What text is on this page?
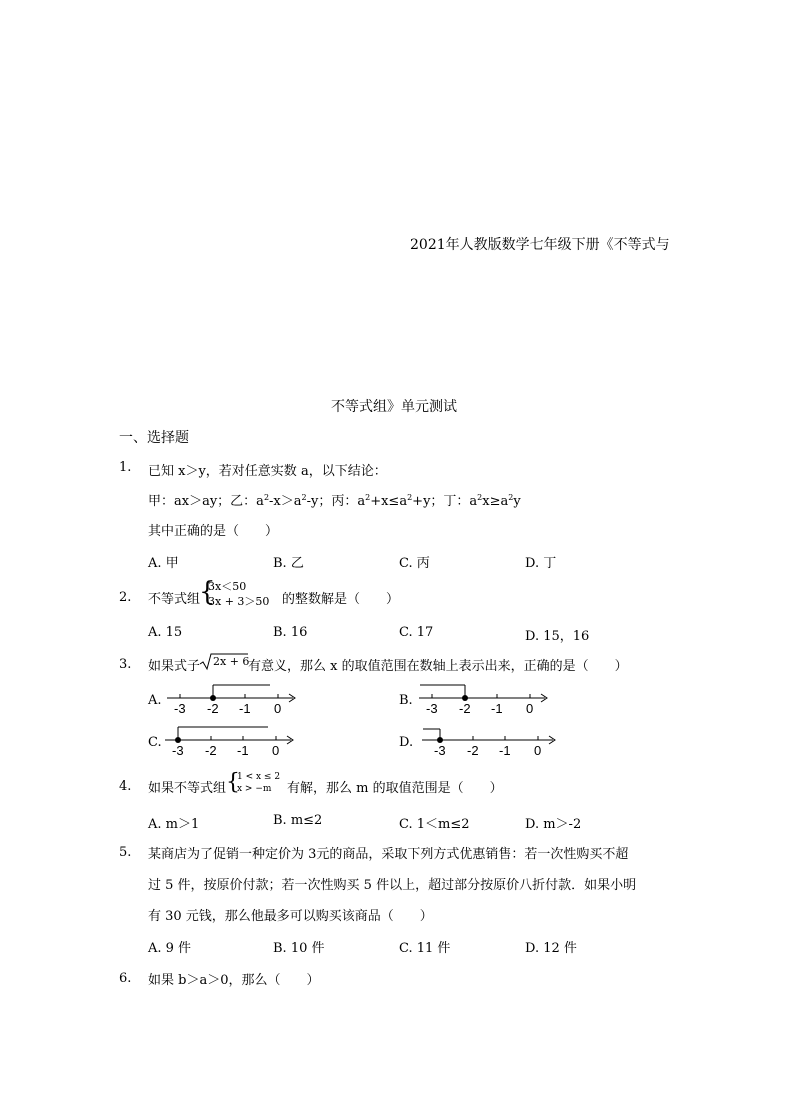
2021年人教版数学七年级下册《不等式与
不等式组》单元测试
一、选择题
1. 已知 x＞y，若对任意实数 a，以下结论：
甲：ax＞ay；乙：$a^2-x>a^2-y$；丙：$a^2+x\le a^2+y$；丁：$a^2x\ge a^2y$
其中正确的是（　　）
A. 甲	B. 乙	C. 丙	D. 丁
2. 不等式组
{
3x＜50
3x + 3＞50 的整数解是（　　）
A. 15	B. 16	C. 17	D. 15，16
3. 如果式子 2x + 6
有意义，那么 x 的取值范围在数轴上表示出来，正确的是（　　）
A.
-3 -2 -1 0
B.
-3 -2 -1 0
C.
-3 -2 -1 0
D.
-3 -2 -1 0
4. 如果不等式组 {
1 < x ≤ 2
x > −m 有解，那么 m 的取值范围是（　　）
A. m＞1	B. m≤2	C. 1＜m≤2	D. m＞-2
5. 某商店为了促销一种定价为 3元的商品，采取下列方式优惠销售：若一次性购买不超
过 5 件，按原价付款；若一次性购买 5 件以上，超过部分按原价八折付款．如果小明
有 30 元钱，那么他最多可以购买该商品（　　）
A. 9 件	B. 10 件	C. 11 件	D. 12 件
6. 如果 b＞a＞0，那么（　　）
